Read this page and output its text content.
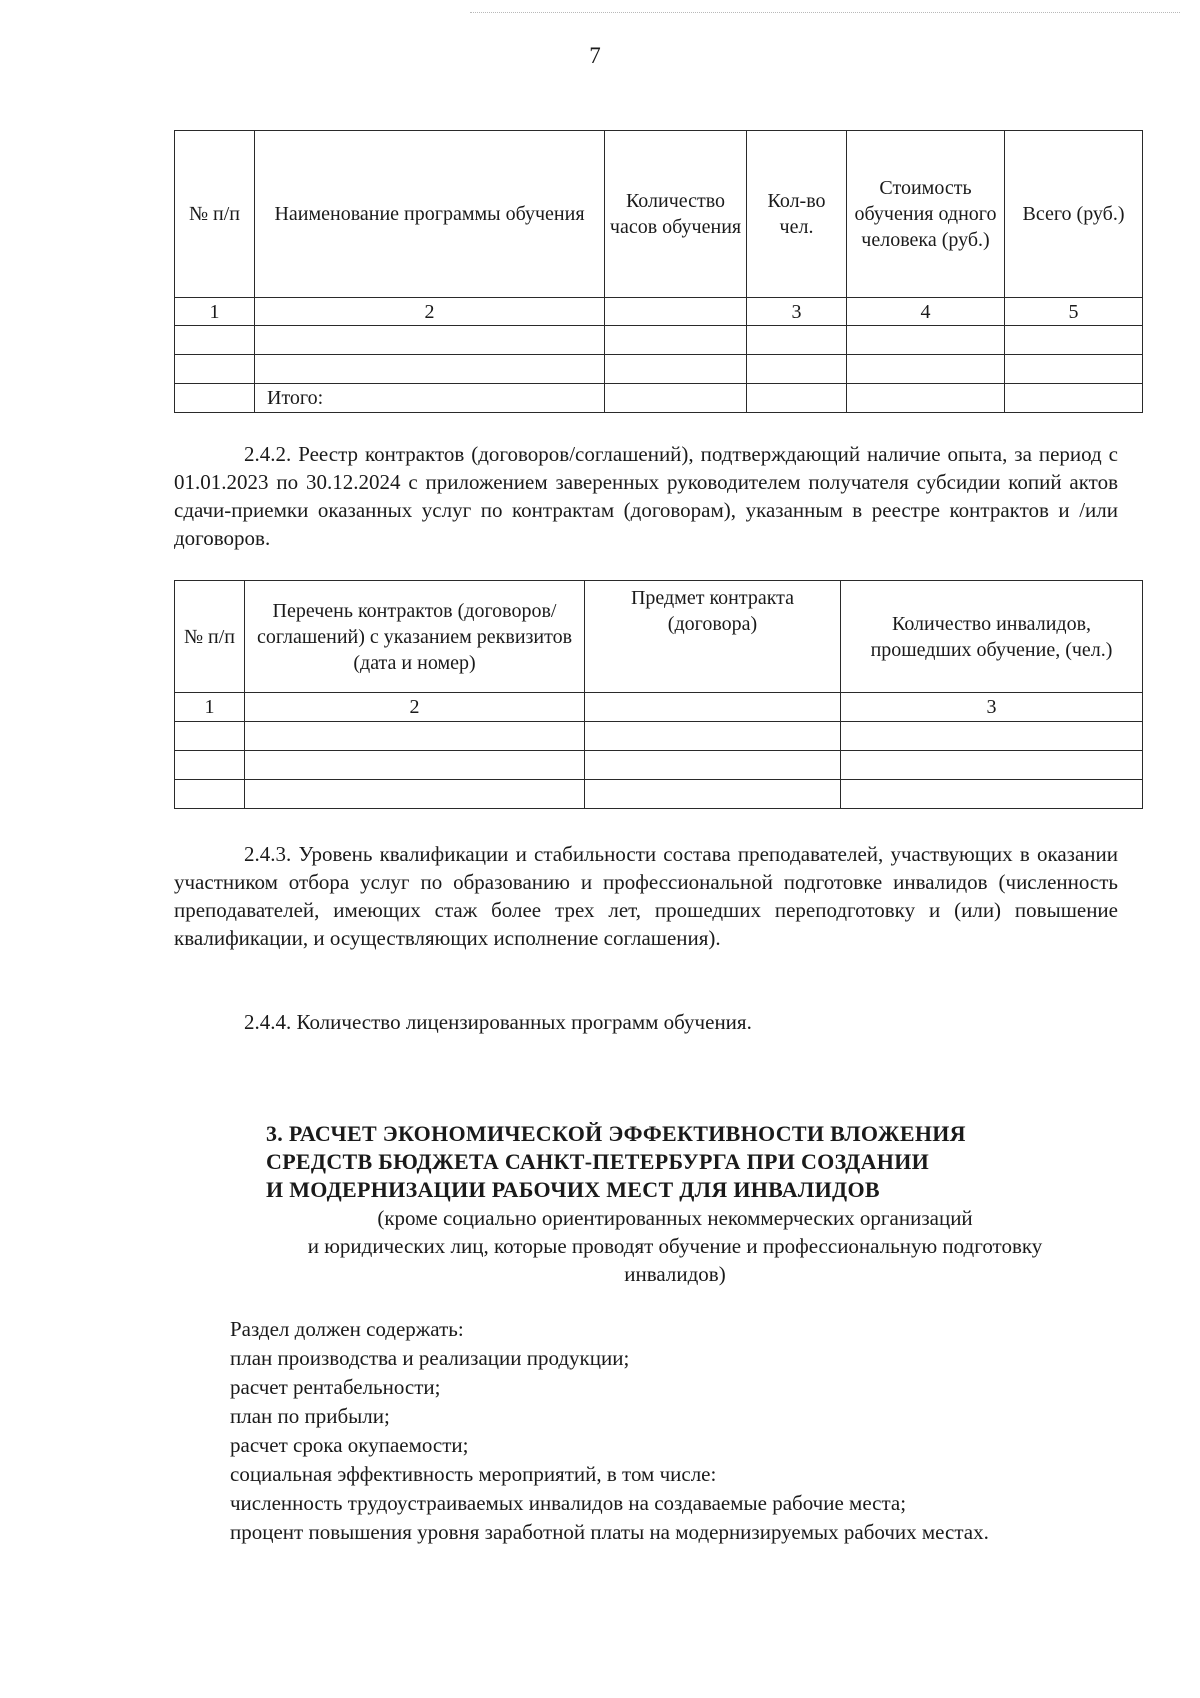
7
№ п/п	Наименование программы обучения	Количество часов обучения	Кол-во чел.	Стоимость обучения одного человека (руб.)	Всего (руб.)
1	2		3	4	5

	Итого:				
2.4.2. Реестр контрактов (договоров/соглашений), подтверждающий наличие опыта, за период с 01.01.2023 по 30.12.2024 с приложением заверенных руководителем получателя субсидии копий актов сдачи-приемки оказанных услуг по контрактам (договорам), указанным в реестре контрактов и /или договоров.
№ п/п	Перечень контрактов (договоров/соглашений) с указанием реквизитов (дата и номер)	Предмет контракта (договора)	Количество инвалидов, прошедших обучение, (чел.)
1	2		3

2.4.3. Уровень квалификации и стабильности состава преподавателей, участвующих в оказании участником отбора услуг по образованию и профессиональной подготовке инвалидов (численность преподавателей, имеющих стаж более трех лет, прошедших переподготовку и (или) повышение квалификации, и осуществляющих исполнение соглашения).
2.4.4. Количество лицензированных программ обучения.
3. РАСЧЕТ ЭКОНОМИЧЕСКОЙ ЭФФЕКТИВНОСТИ ВЛОЖЕНИЯ
СРЕДСТВ БЮДЖЕТА САНКТ-ПЕТЕРБУРГА ПРИ СОЗДАНИИ
И МОДЕРНИЗАЦИИ РАБОЧИХ МЕСТ ДЛЯ ИНВАЛИДОВ
(кроме социально ориентированных некоммерческих организаций
и юридических лиц, которые проводят обучение и профессиональную подготовку
инвалидов)
Раздел должен содержать:
план производства и реализации продукции;
расчет рентабельности;
план по прибыли;
расчет срока окупаемости;
социальная эффективность мероприятий, в том числе:
численность трудоустраиваемых инвалидов на создаваемые рабочие места;
процент повышения уровня заработной платы на модернизируемых рабочих местах.
